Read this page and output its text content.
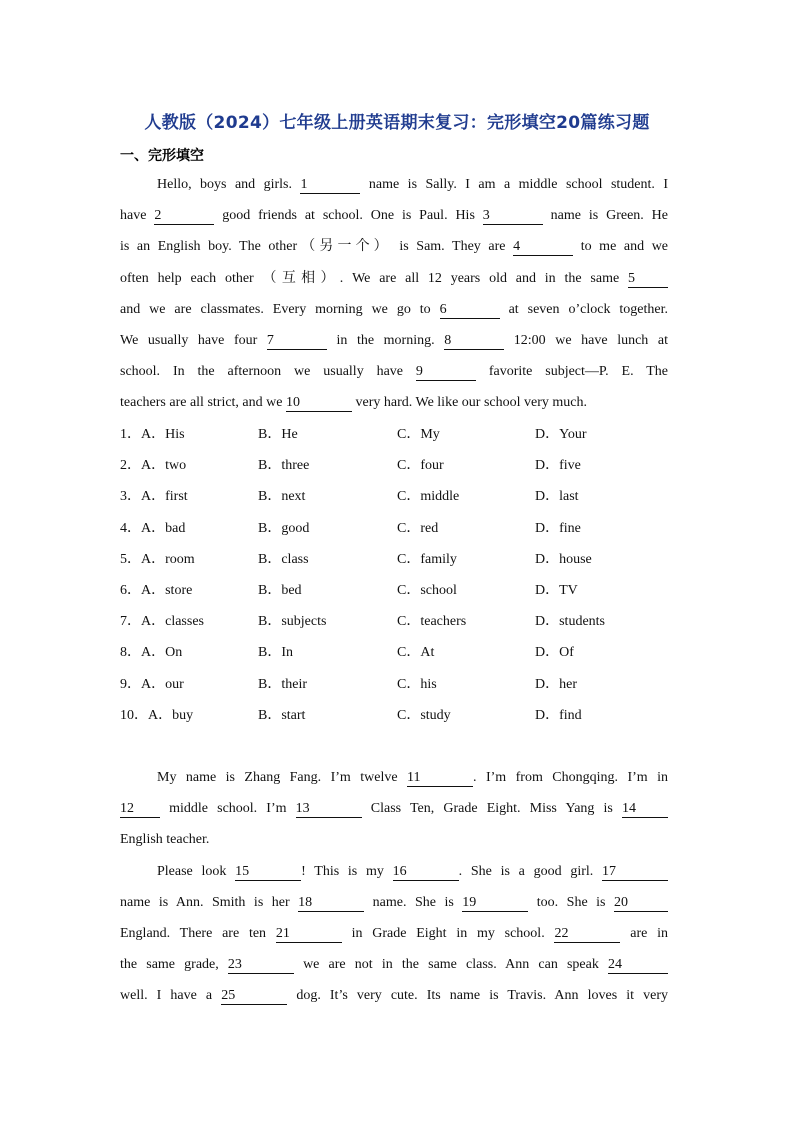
人教版（2024）七年级上册英语期末复习：完形填空20篇练习题
一、完形填空
Hello, boys and girls. 1	name is Sally. I am a middle school student. I
have 2	good friends at school. One is Paul. His 3	name is Green. He
is an English boy. The other（另一个） is Sam. They are 4	to me and we
often help each other （互相）. We are all 12 years old and in the same 5
and we are classmates. Every morning we go to 6	at seven o’clock together.
We usually have four 7	in the morning. 8	12:00 we have lunch at
school. In the afternoon we usually have 9	favorite subject—P. E. The
teachers are all strict, and we 10	very hard. We like our school very much.
1．A．His	B．He	C．My	D．Your
2．A．two	B．three	C．four	D．five
3．A．first	B．next	C．middle	D．last
4．A．bad	B．good	C．red	D．fine
5．A．room	B．class	C．family	D．house
6．A．store	B．bed	C．school	D．TV
7．A．classes	B．subjects	C．teachers	D．students
8．A．On	B．In	C．At	D．Of
9．A．our	B．their	C．his	D．her
10．A．buy	B．start	C．study	D．find
My name is Zhang Fang. I’m twelve 11	. I’m from Chongqing. I’m in
12 middle school. I’m 13	Class Ten, Grade Eight. Miss Yang is 14
English teacher.
Please look 15	! This is my 16	. She is a good girl. 17
name is Ann. Smith is her 18	name. She is 19	too. She is 20
England. There are ten 21	in Grade Eight in my school. 22	are in
the same grade, 23	we are not in the same class. Ann can speak 24
well. I have a 25	dog. It’s very cute. Its name is Travis. Ann loves it very
